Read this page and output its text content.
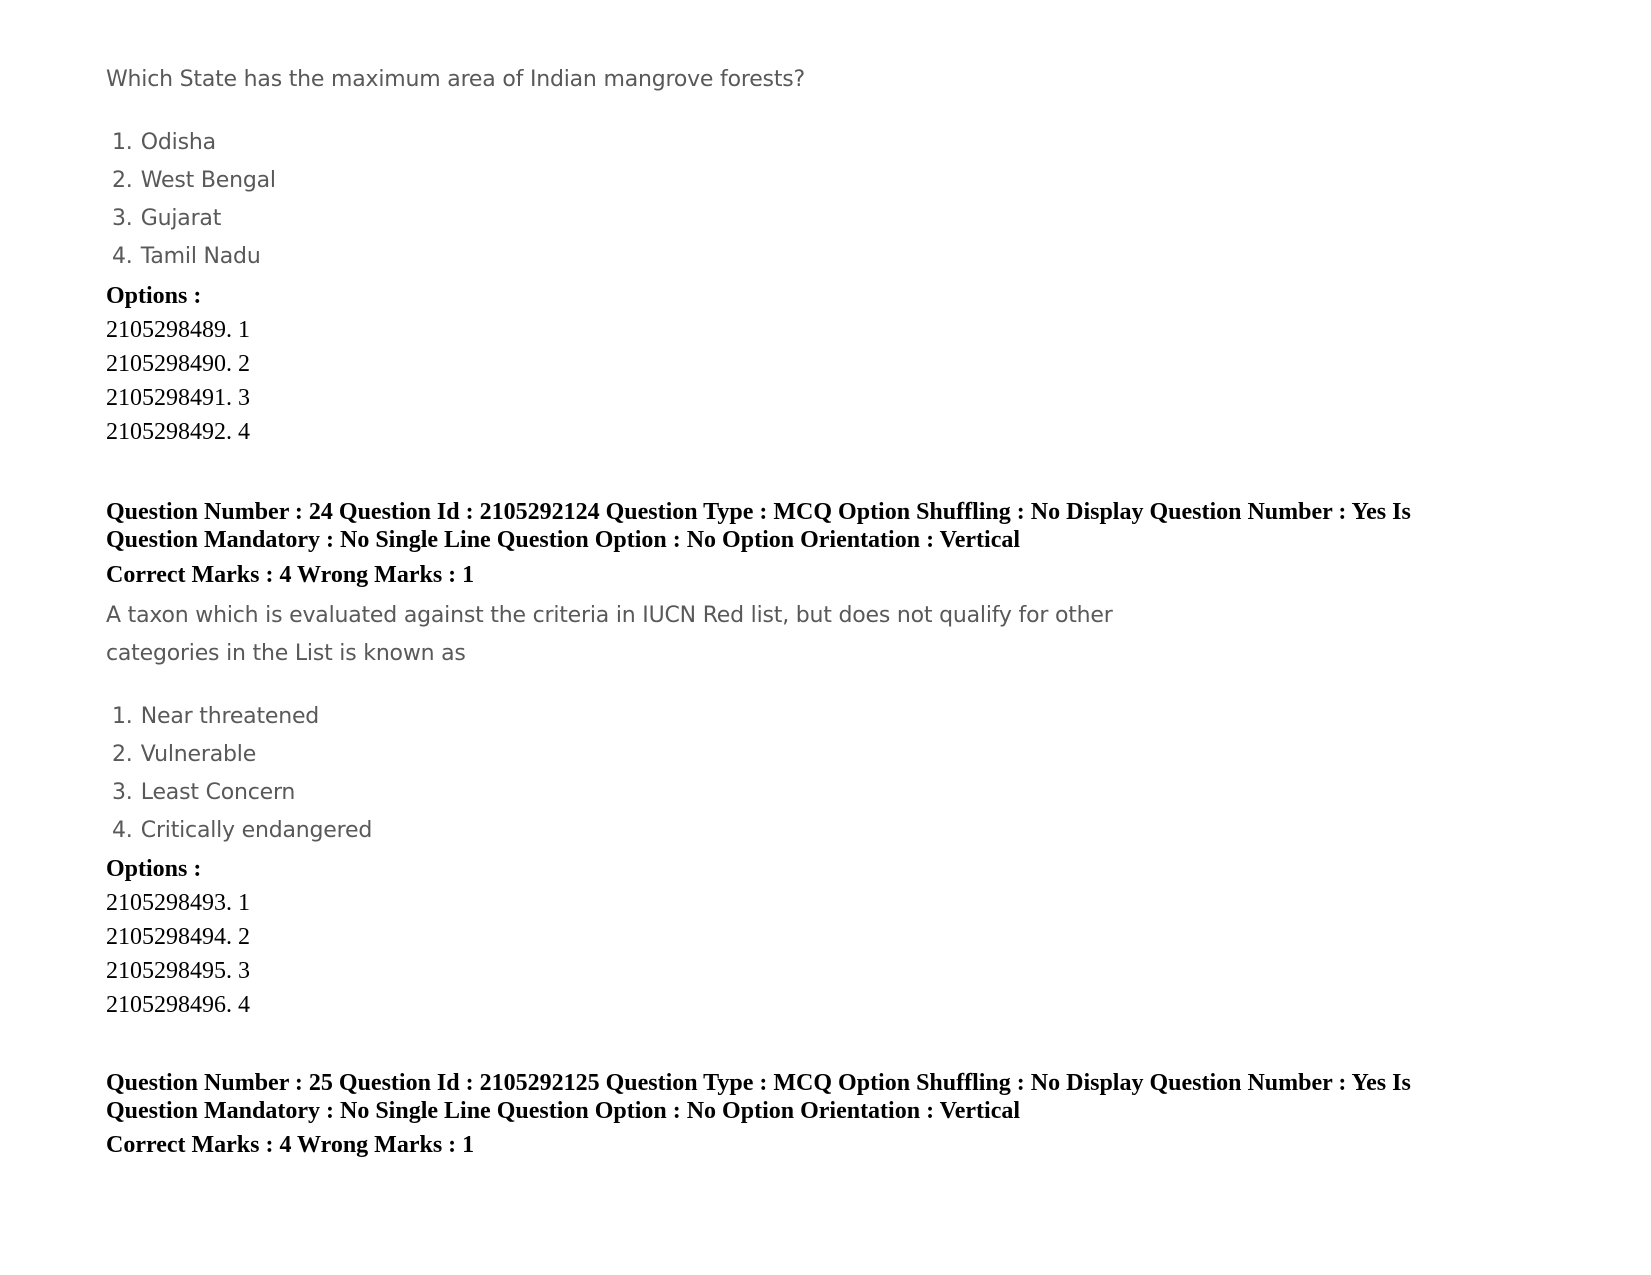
Which State has the maximum area of Indian mangrove forests?

1. Odisha
2. West Bengal
3. Gujarat
4. Tamil Nadu

Options :

2105298489. 1

2105298490. 2

2105298491. 3

2105298492. 4

Question Number : 24 Question Id : 2105292124 Question Type : MCQ Option Shuffling : No Display Question Number : Yes Is

Question Mandatory : No Single Line Question Option : No Option Orientation : Vertical

Correct Marks : 4 Wrong Marks : 1

A taxon which is evaluated against the criteria in IUCN Red list, but does not qualify for other

categories in the List is known as

1. Near threatened
2. Vulnerable
3. Least Concern
4. Critically endangered

Options :

2105298493. 1

2105298494. 2

2105298495. 3

2105298496. 4

Question Number : 25 Question Id : 2105292125 Question Type : MCQ Option Shuffling : No Display Question Number : Yes Is

Question Mandatory : No Single Line Question Option : No Option Orientation : Vertical

Correct Marks : 4 Wrong Marks : 1
